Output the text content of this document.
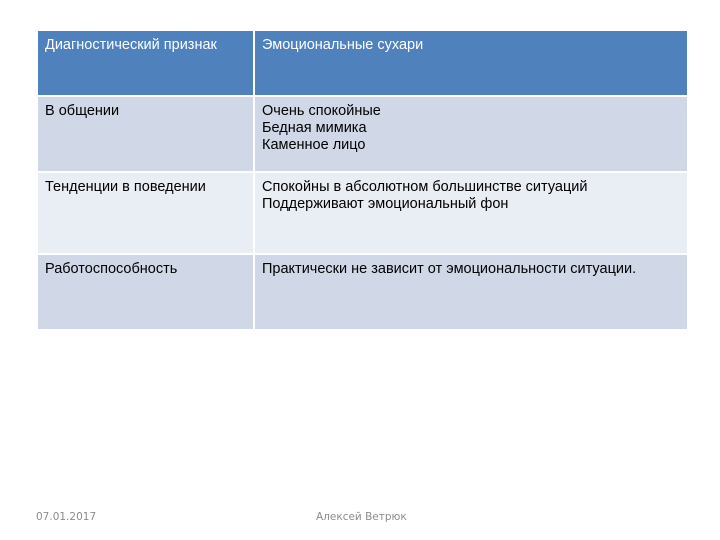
Диагностический признак	Эмоциональные сухари
В общении	Очень спокойные
Бедная мимика
Каменное лицо

Тенденции в поведении	Спокойны в абсолютном большинстве ситуаций
Поддерживают эмоциональный фон

Работоспособность	Практически не зависит от эмоциональности ситуации.
07.01.2017	Алексей Ветрюк
